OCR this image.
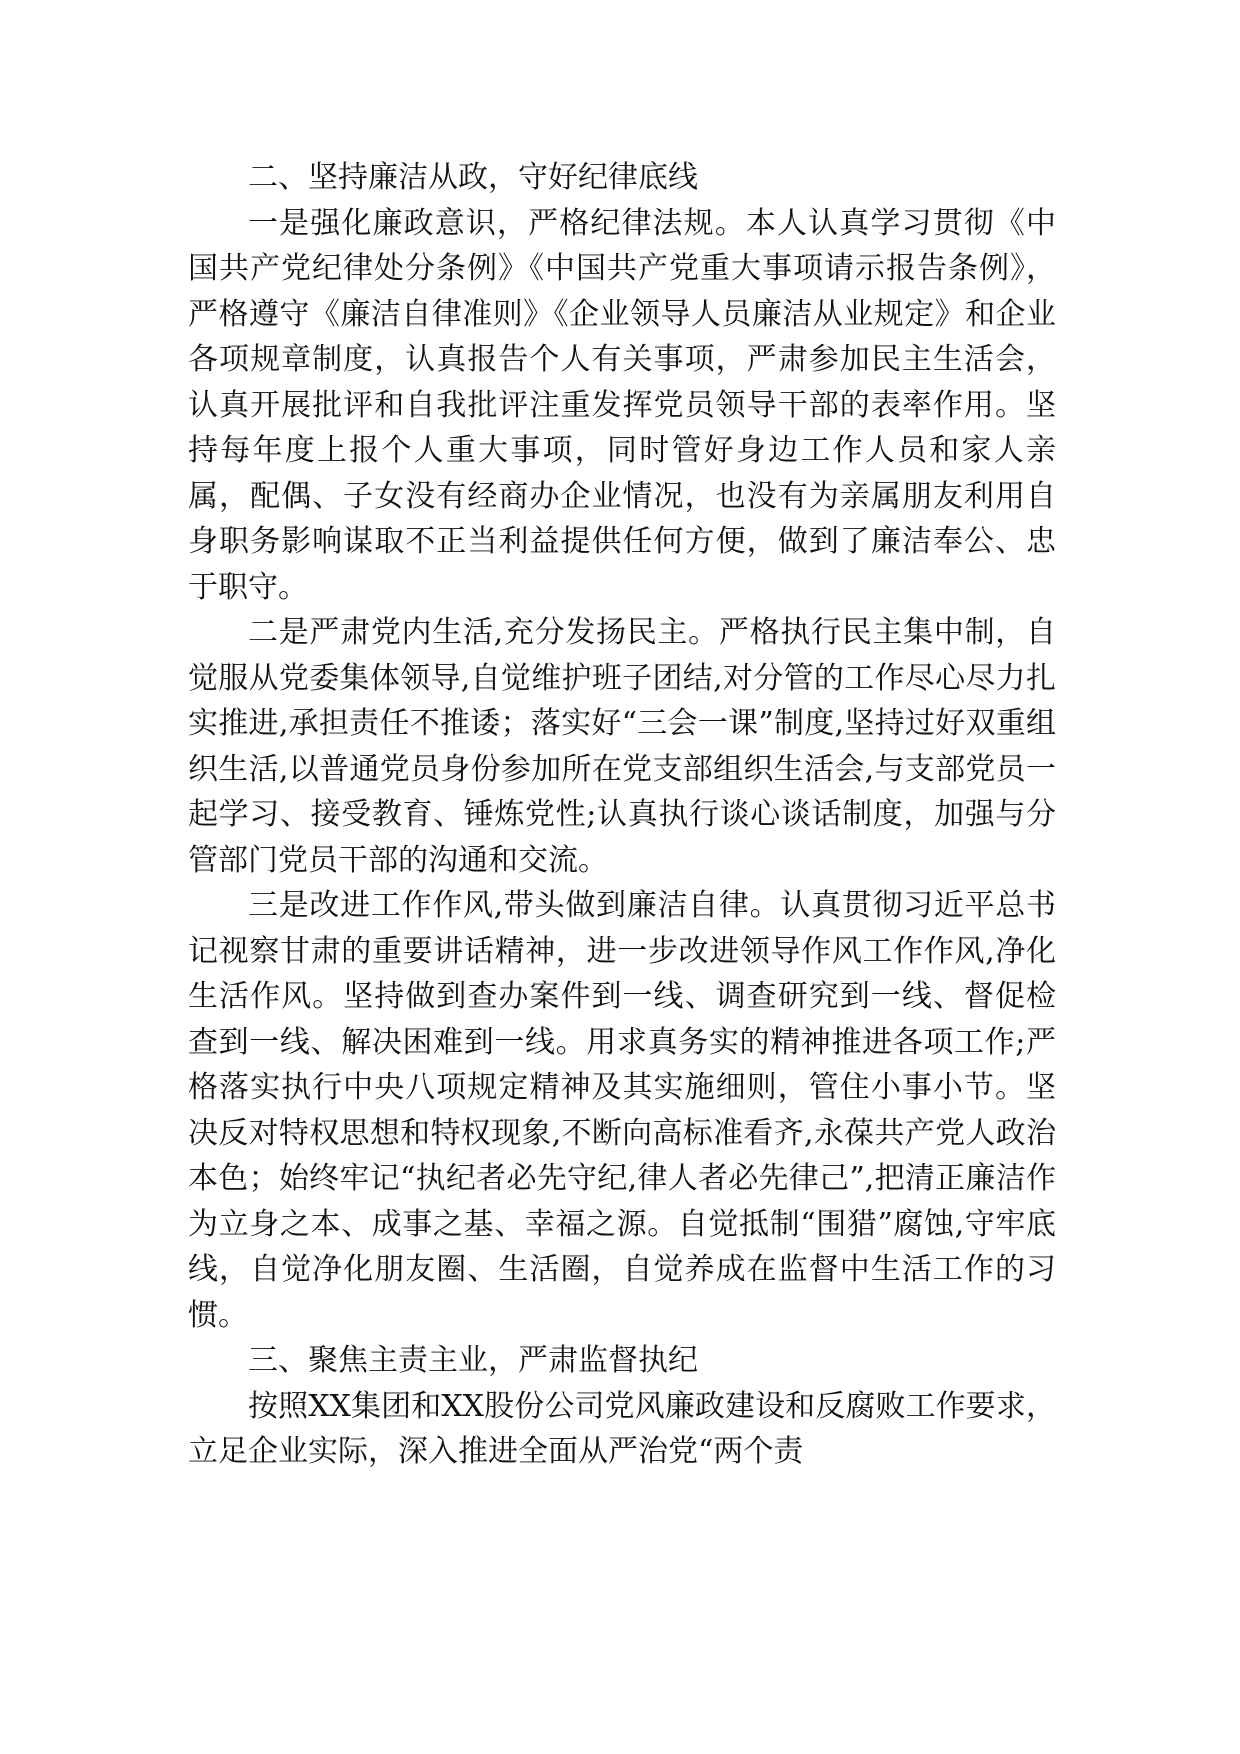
二、坚持廉洁从政，守好纪律底线

一是强化廉政意识，严格纪律法规。本人认真学习贯彻《中国共产党纪律处分条例》《中国共产党重大事项请示报告条例》，严格遵守《廉洁自律准则》《企业领导人员廉洁从业规定》和企业各项规章制度，认真报告个人有关事项，严肃参加民主生活会，认真开展批评和自我批评注重发挥党员领导干部的表率作用。坚持每年度上报个人重大事项，同时管好身边工作人员和家人亲属，配偶、子女没有经商办企业情况，也没有为亲属朋友利用自身职务影响谋取不正当利益提供任何方便，做到了廉洁奉公、忠于职守。

二是严肃党内生活,充分发扬民主。严格执行民主集中制，自觉服从党委集体领导,自觉维护班子团结,对分管的工作尽心尽力扎实推进,承担责任不推诿；落实好“三会一课”制度,坚持过好双重组织生活,以普通党员身份参加所在党支部组织生活会,与支部党员一起学习、接受教育、锤炼党性;认真执行谈心谈话制度，加强与分管部门党员干部的沟通和交流。

三是改进工作作风,带头做到廉洁自律。认真贯彻习近平总书记视察甘肃的重要讲话精神，进一步改进领导作风工作作风,净化生活作风。坚持做到查办案件到一线、调查研究到一线、督促检查到一线、解决困难到一线。用求真务实的精神推进各项工作;严格落实执行中央八项规定精神及其实施细则，管住小事小节。坚决反对特权思想和特权现象,不断向高标准看齐,永葆共产党人政治本色；始终牢记“执纪者必先守纪,律人者必先律己”,把清正廉洁作为立身之本、成事之基、幸福之源。自觉抵制“围猎”腐蚀,守牢底线，自觉净化朋友圈、生活圈，自觉养成在监督中生活工作的习惯。

三、聚焦主责主业，严肃监督执纪

按照XX集团和XX股份公司党风廉政建设和反腐败工作要求，立足企业实际，深入推进全面从严治党“两个责
